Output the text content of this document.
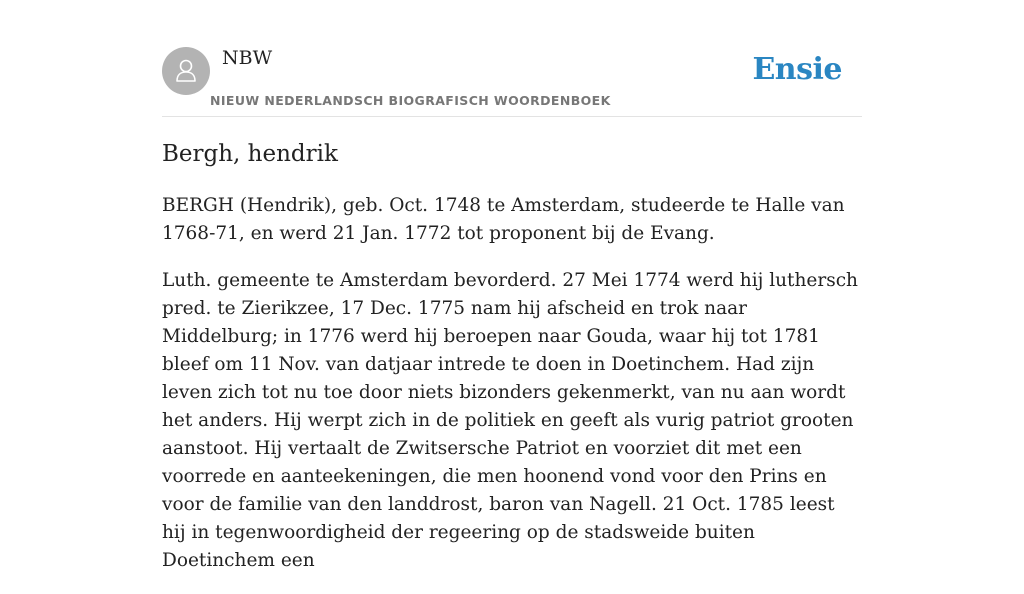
NBW
NIEUW NEDERLANDSCH BIOGRAFISCH WOORDENBOEK
Ensie
Bergh, hendrik

BERGH (Hendrik), geb. Oct. 1748 te Amsterdam, studeerde te Halle van 1768-71, en werd 21 Jan. 1772 tot proponent bij de Evang.

Luth. gemeente te Amsterdam bevorderd. 27 Mei 1774 werd hij luthersch pred. te Zierikzee, 17 Dec. 1775 nam hij afscheid en trok naar Middelburg; in 1776 werd hij beroepen naar Gouda, waar hij tot 1781 bleef om 11 Nov. van datjaar intrede te doen in Doetinchem. Had zijn leven zich tot nu toe door niets bizonders gekenmerkt, van nu aan wordt het anders. Hij werpt zich in de politiek en geeft als vurig patriot grooten aanstoot. Hij vertaalt de Zwitsersche Patriot en voorziet dit met een voorrede en aanteekeningen, die men hoonend vond voor den Prins en voor de familie van den landdrost, baron van Nagell. 21 Oct. 1785 leest hij in tegenwoordigheid der regeering op de stadsweide buiten Doetinchem een
